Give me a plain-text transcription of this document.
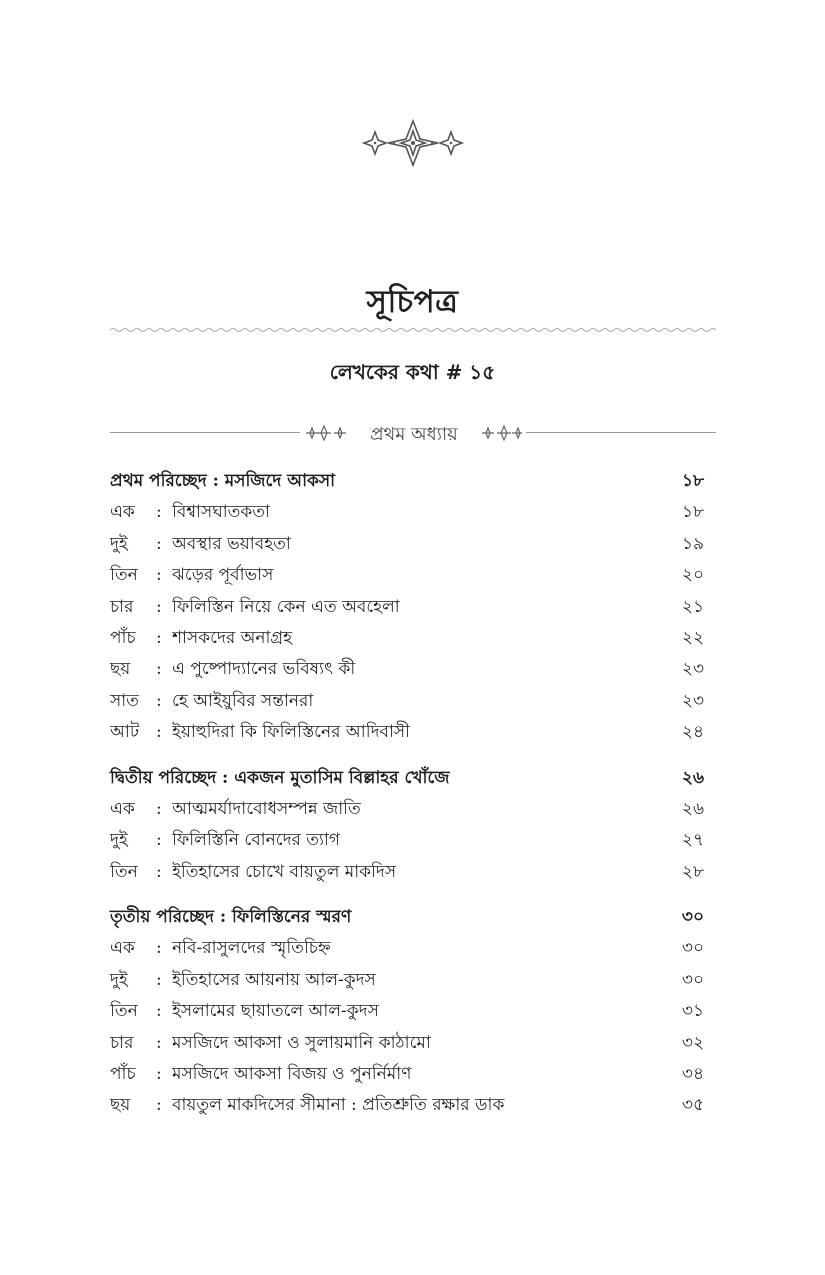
সূচিপত্র
লেখকের কথা # ১৫
প্রথম অধ্যায়
প্রথম পরিচ্ছেদ : মসজিদে আকসা	১৮
এক	: বিশ্বাসঘাতকতা	১৮
দুই	: অবস্থার ভয়াবহতা	১৯
তিন	: ঝড়ের পূর্বাভাস	২০
চার	: ফিলিস্তিন নিয়ে কেন এত অবহেলা	২১
পাঁচ	: শাসকদের অনাগ্রহ	২২
ছয়	: এ পুষ্পোদ্যানের ভবিষ্যৎ কী	২৩
সাত	: হে আইয়ুবির সন্তানরা	২৩
আট : ইয়াহুদিরা কি ফিলিস্তিনের আদিবাসী	২৪
দ্বিতীয় পরিচ্ছেদ : একজন মুতাসিম বিল্লাহর খোঁজে	২৬
এক	: আত্মমর্যাদাবোধসম্পন্ন জাতি	২৬
দুই	: ফিলিস্তিনি বোনদের ত্যাগ	২৭
তিন	: ইতিহাসের চোখে বায়তুল মাকদিস	২৮
তৃতীয় পরিচ্ছেদ : ফিলিস্তিনের স্মরণ	৩০
এক	: নবি-রাসুলদের স্মৃতিচিহ্ন	৩০
দুই	: ইতিহাসের আয়নায় আল-কুদস	৩০
তিন	: ইসলামের ছায়াতলে আল-কুদস	৩১
চার	: মসজিদে আকসা ও সুলায়মানি কাঠামো	৩২
পাঁচ	: মসজিদে আকসা বিজয় ও পুনর্নির্মাণ	৩৪
ছয়	: বায়তুল মাকদিসের সীমানা : প্রতিশ্রুতি রক্ষার ডাক	৩৫
